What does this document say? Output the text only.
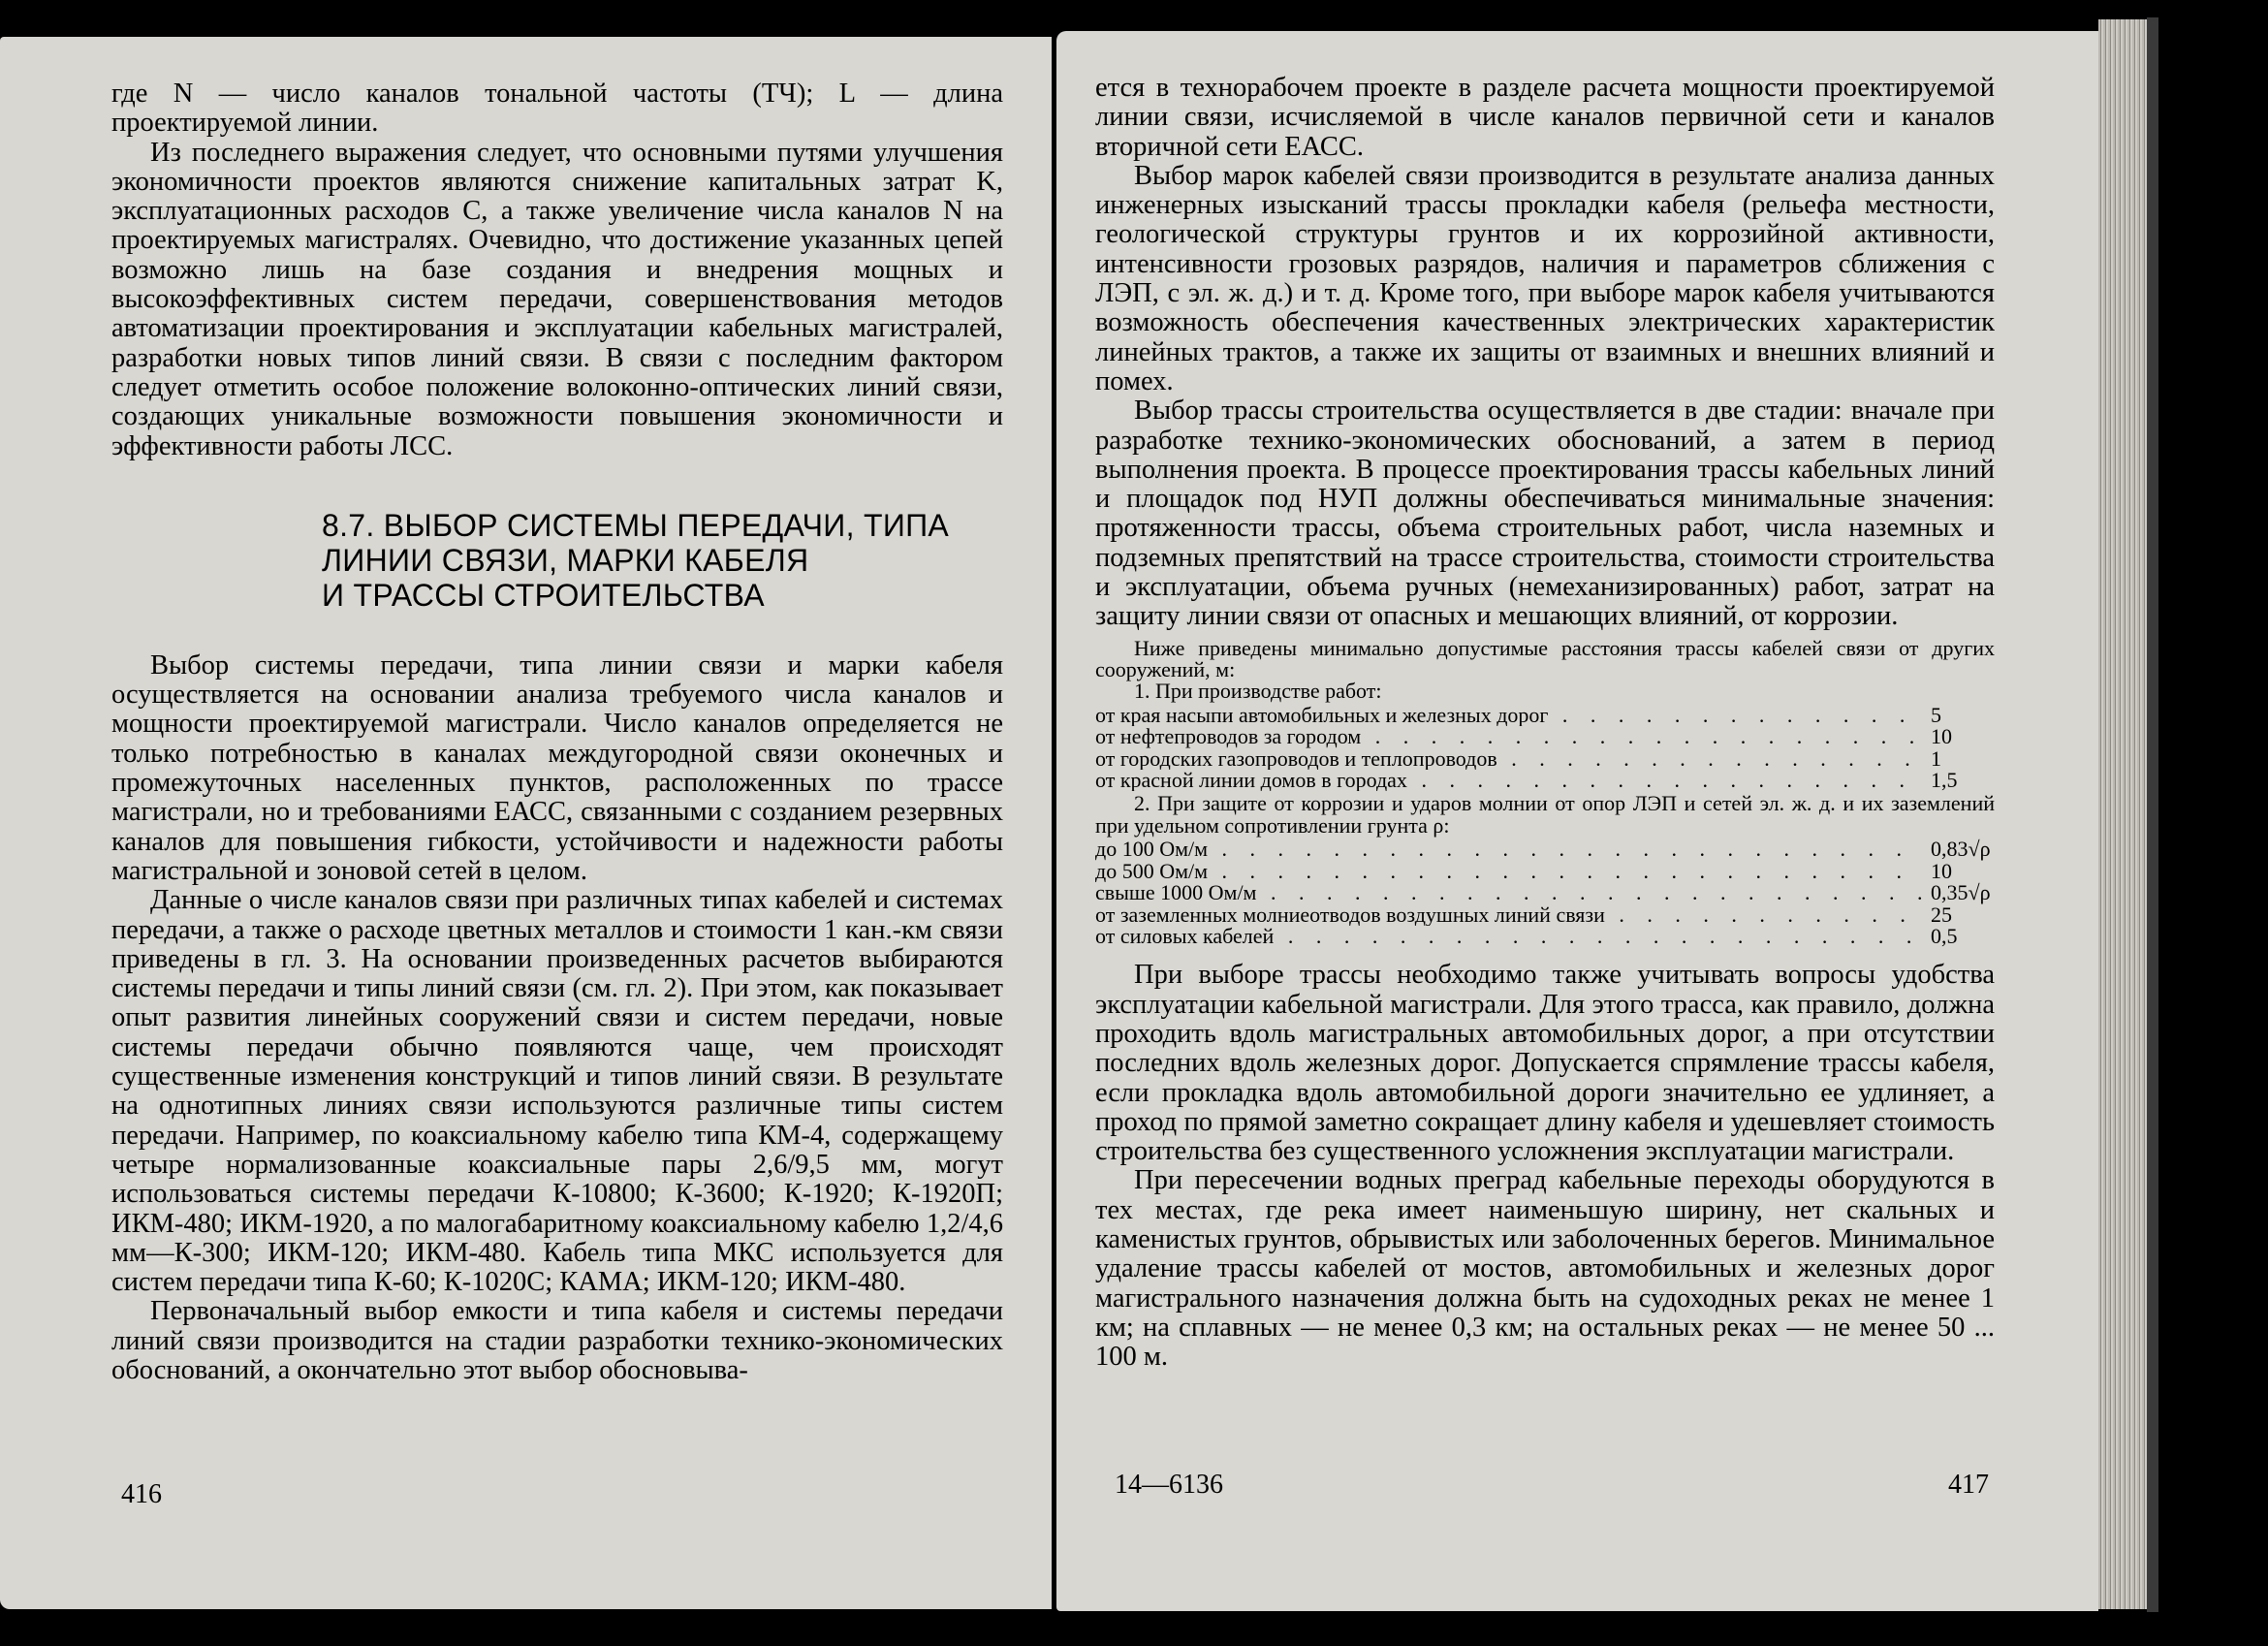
где N — число каналов тональной частоты (ТЧ); L — длина проектируемой линии.

Из последнего выражения следует, что основными путями улучшения экономичности проектов являются снижение капитальных затрат K, эксплуатационных расходов C, а также увеличение числа каналов N на проектируемых магистралях. Очевидно, что достижение указанных цепей возможно лишь на базе создания и внедрения мощных и высокоэффективных систем передачи, совершенствования методов автоматизации проектирования и эксплуатации кабельных магистралей, разработки новых типов линий связи. В связи с последним фактором следует отметить особое положение волоконно-оптических линий связи, создающих уникальные возможности повышения экономичности и эффективности работы ЛСС.

8.7. ВЫБОР СИСТЕМЫ ПЕРЕДАЧИ, ТИПА
ЛИНИИ СВЯЗИ, МАРКИ КАБЕЛЯ
И ТРАССЫ СТРОИТЕЛЬСТВА

Выбор системы передачи, типа линии связи и марки кабеля осуществляется на основании анализа требуемого числа каналов и мощности проектируемой магистрали. Число каналов определяется не только потребностью в каналах междугородной связи оконечных и промежуточных населенных пунктов, расположенных по трассе магистрали, но и требованиями ЕАСС, связанными с созданием резервных каналов для повышения гибкости, устойчивости и надежности работы магистральной и зоновой сетей в целом.

Данные о числе каналов связи при различных типах кабелей и системах передачи, а также о расходе цветных металлов и стоимости 1 кан.-км связи приведены в гл. 3. На основании произведенных расчетов выбираются системы передачи и типы линий связи (см. гл. 2). При этом, как показывает опыт развития линейных сооружений связи и систем передачи, новые системы передачи обычно появляются чаще, чем происходят существенные изменения конструкций и типов линий связи. В результате на однотипных линиях связи используются различные типы систем передачи. Например, по коаксиальному кабелю типа КМ-4, содержащему четыре нормализованные коаксиальные пары 2,6/9,5 мм, могут использоваться системы передачи К-10800; К-3600; К-1920; К-1920П; ИКМ-480; ИКМ-1920, а по малогабаритному коаксиальному кабелю 1,2/4,6 мм—К-300; ИКМ-120; ИКМ-480. Кабель типа МКС используется для систем передачи типа К-60; К-1020С; КАМА; ИКМ-120; ИКМ-480.

Первоначальный выбор емкости и типа кабеля и системы передачи линий связи производится на стадии разработки технико-экономических обоснований, а окончательно этот выбор обосновыва-

416

ется в технорабочем проекте в разделе расчета мощности проектируемой линии связи, исчисляемой в числе каналов первичной сети и каналов вторичной сети ЕАСС.

Выбор марок кабелей связи производится в результате анализа данных инженерных изысканий трассы прокладки кабеля (рельефа местности, геологической структуры грунтов и их коррозийной активности, интенсивности грозовых разрядов, наличия и параметров сближения с ЛЭП, с эл. ж. д.) и т. д. Кроме того, при выборе марок кабеля учитываются возможность обеспечения качественных электрических характеристик линейных трактов, а также их защиты от взаимных и внешних влияний и помех.

Выбор трассы строительства осуществляется в две стадии: вначале при разработке технико-экономических обоснований, а затем в период выполнения проекта. В процессе проектирования трассы кабельных линий и площадок под НУП должны обеспечиваться минимальные значения: протяженности трассы, объема строительных работ, числа наземных и подземных препятствий на трассе строительства, стоимости строительства и эксплуатации, объема ручных (немеханизированных) работ, затрат на защиту линии связи от опасных и мешающих влияний, от коррозии.

Ниже приведены минимально допустимые расстояния трассы кабелей связи от других сооружений, м:

1. При производстве работ:

от края насыпи автомобильных и железных дорог . . .	5
от нефтепроводов за городом . . .	10
от городских газопроводов и теплопроводов . . .	1
от красной линии домов в городах . . .	1,5

2. При защите от коррозии и ударов молнии от опор ЛЭП и сетей эл. ж. д. и их заземлений при удельном сопротивлении грунта ρ:

до 100 Ом/м . . .	0,83√ρ
до 500 Ом/м . . .	10
свыше 1000 Ом/м . . .	0,35√ρ
от заземленных молниеотводов воздушных линий связи . . .	25
от силовых кабелей . . .	0,5

При выборе трассы необходимо также учитывать вопросы удобства эксплуатации кабельной магистрали. Для этого трасса, как правило, должна проходить вдоль магистральных автомобильных дорог, а при отсутствии последних вдоль железных дорог. Допускается спрямление трассы кабеля, если прокладка вдоль автомобильной дороги значительно ее удлиняет, а проход по прямой заметно сокращает длину кабеля и удешевляет стоимость строительства без существенного усложнения эксплуатации магистрали.

При пересечении водных преград кабельные переходы оборудуются в тех местах, где река имеет наименьшую ширину, нет скальных и каменистых грунтов, обрывистых или заболоченных берегов. Минимальное удаление трассы кабелей от мостов, автомобильных и железных дорог магистрального назначения должна быть на судоходных реках не менее 1 км; на сплавных — не менее 0,3 км; на остальных реках — не менее 50 ... 100 м.

14—6136	417
